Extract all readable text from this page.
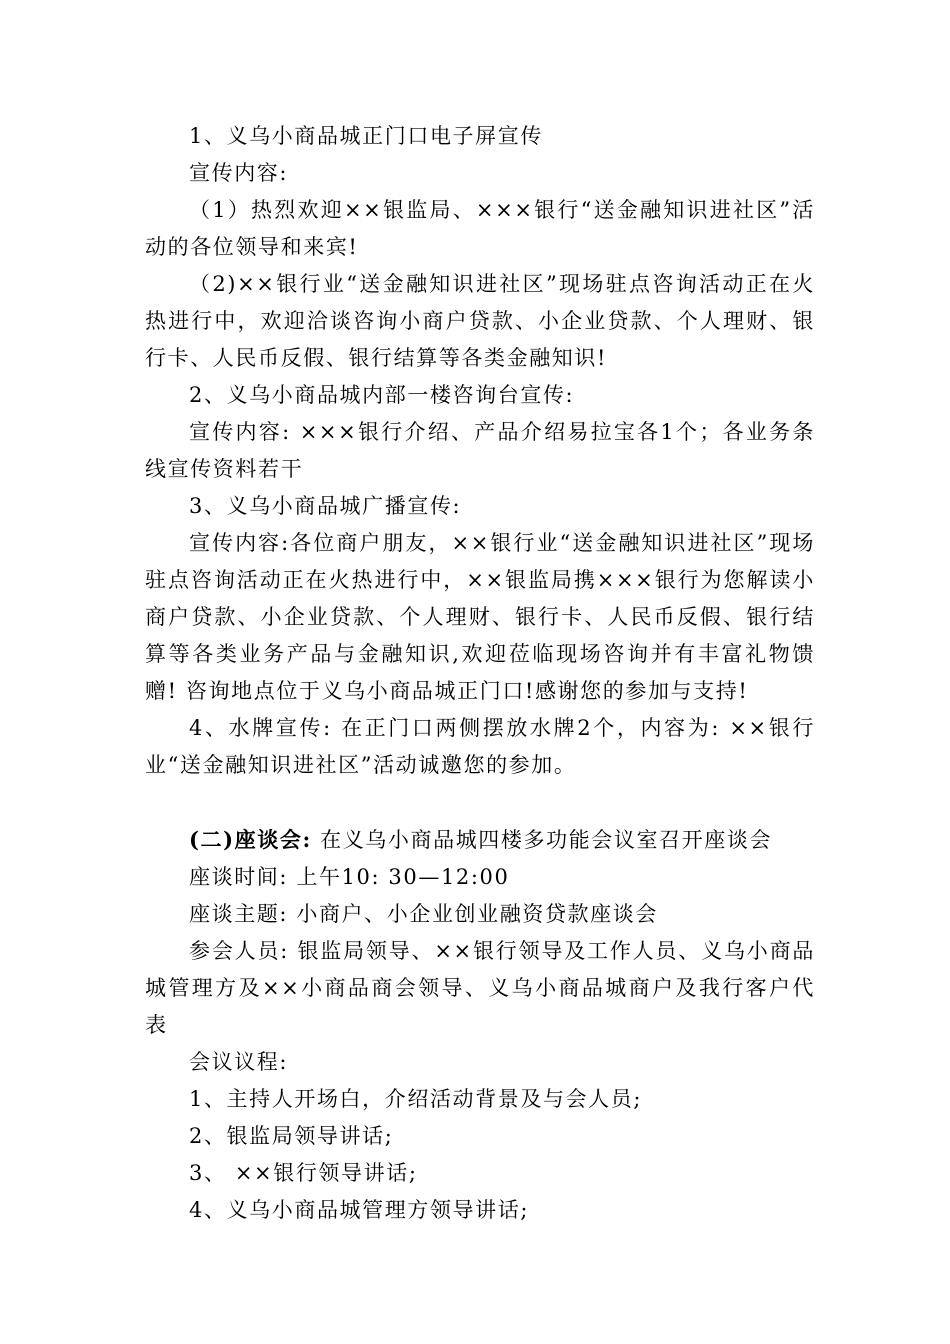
1、义乌小商品城正门口电子屏宣传

宣传内容:

（1）热烈欢迎××银监局、×××银行“送金融知识进社区”活动的各位领导和来宾!

（2)××银行业“送金融知识进社区”现场驻点咨询活动正在火热进行中，欢迎洽谈咨询小商户贷款、小企业贷款、个人理财、银行卡、人民币反假、银行结算等各类金融知识!

2、义乌小商品城内部一楼咨询台宣传:

宣传内容: ×××银行介绍、产品介绍易拉宝各1个；各业务条线宣传资料若干

3、义乌小商品城广播宣传:

宣传内容:各位商户朋友，××银行业“送金融知识进社区”现场驻点咨询活动正在火热进行中，××银监局携×××银行为您解读小商户贷款、小企业贷款、个人理财、银行卡、人民币反假、银行结算等各类业务产品与金融知识,欢迎莅临现场咨询并有丰富礼物馈赠! 咨询地点位于义乌小商品城正门口!感谢您的参加与支持!

4、水牌宣传: 在正门口两侧摆放水牌2个，内容为: ××银行业“送金融知识进社区”活动诚邀您的参加。

(二)座谈会: 在义乌小商品城四楼多功能会议室召开座谈会

座谈时间: 上午10: 30—12:00

座谈主题: 小商户、小企业创业融资贷款座谈会

参会人员: 银监局领导、××银行领导及工作人员、义乌小商品城管理方及××小商品商会领导、义乌小商品城商户及我行客户代表

会议议程:

1、主持人开场白，介绍活动背景及与会人员;

2、银监局领导讲话;

3、 ××银行领导讲话;

4、义乌小商品城管理方领导讲话;
